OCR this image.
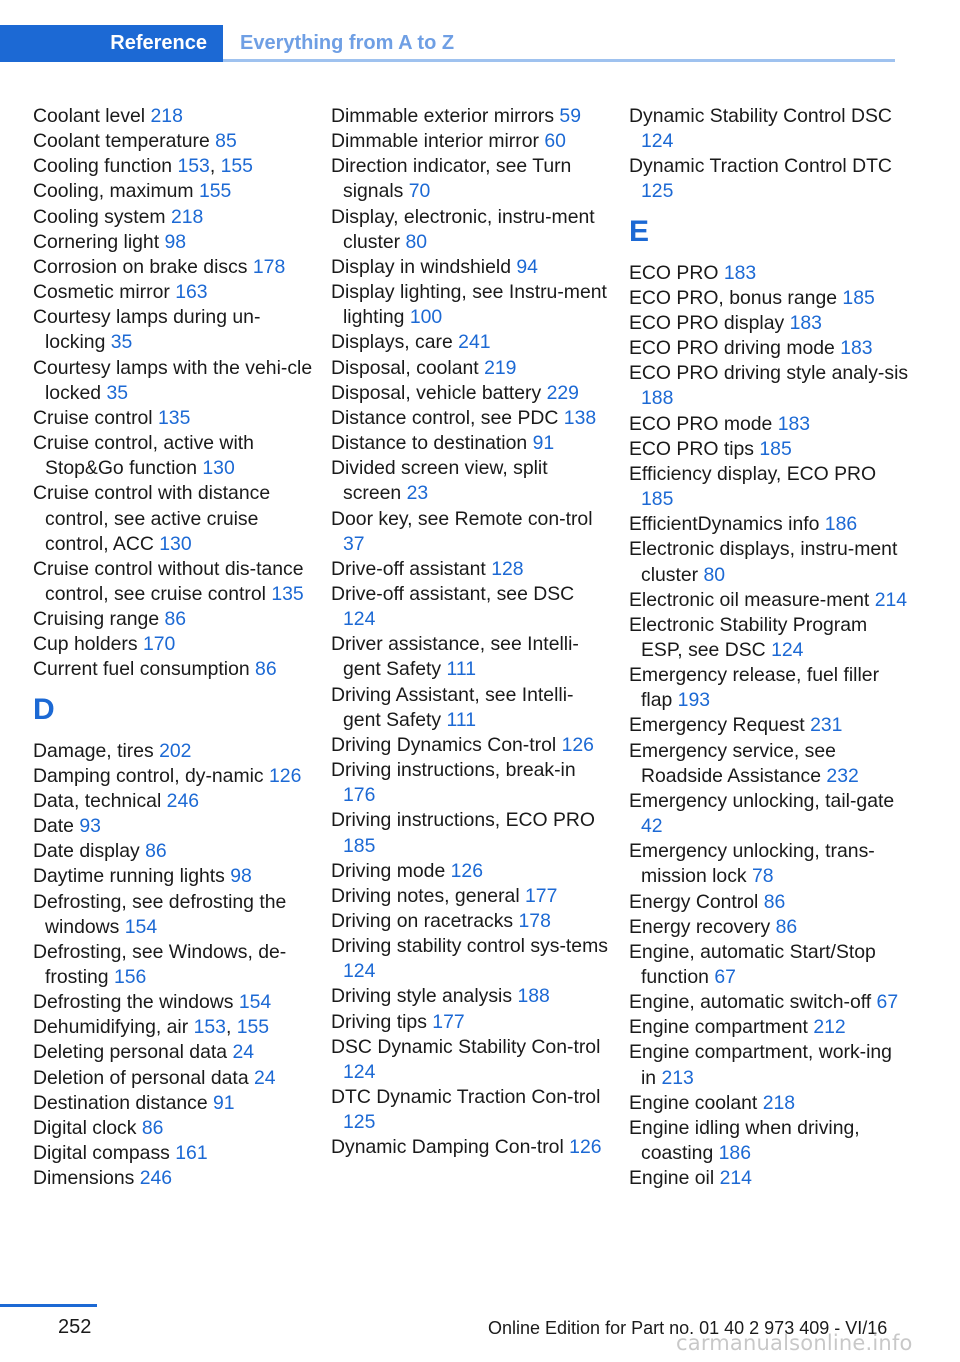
Reference Everything from A to Z
Coolant level 218
Coolant temperature 85
Cooling function 153, 155
Cooling, maximum 155
Cooling system 218
Cornering light 98
Corrosion on brake discs 178
Cosmetic mirror 163
Courtesy lamps during un‐locking 35
Courtesy lamps with the vehi‐cle locked 35
Cruise control 135
Cruise control, active with Stop&Go function 130
Cruise control with distance control, see active cruise control, ACC 130
Cruise control without dis‐tance control, see cruise control 135
Cruising range 86
Cup holders 170
Current fuel consumption 86
D
Damage, tires 202
Damping control, dy‐namic 126
Data, technical 246
Date 93
Date display 86
Daytime running lights 98
Defrosting, see defrosting the windows 154
Defrosting, see Windows, de‐frosting 156
Defrosting the windows 154
Dehumidifying, air 153, 155
Deleting personal data 24
Deletion of personal data 24
Destination distance 91
Digital clock 86
Digital compass 161
Dimensions 246
Dimmable exterior mirrors 59
Dimmable interior mirror 60
Direction indicator, see Turn signals 70
Display, electronic, instru‐ment cluster 80
Display in windshield 94
Display lighting, see Instru‐ment lighting 100
Displays, care 241
Disposal, coolant 219
Disposal, vehicle battery 229
Distance control, see PDC 138
Distance to destination 91
Divided screen view, split screen 23
Door key, see Remote con‐trol 37
Drive-off assistant 128
Drive-off assistant, see DSC 124
Driver assistance, see Intelli‐gent Safety 111
Driving Assistant, see Intelli‐gent Safety 111
Driving Dynamics Con‐trol 126
Driving instructions, break-in 176
Driving instructions, ECO PRO 185
Driving mode 126
Driving notes, general 177
Driving on racetracks 178
Driving stability control sys‐tems 124
Driving style analysis 188
Driving tips 177
DSC Dynamic Stability Con‐trol 124
DTC Dynamic Traction Con‐trol 125
Dynamic Damping Con‐trol 126
Dynamic Stability Control DSC 124
Dynamic Traction Control DTC 125
E
ECO PRO 183
ECO PRO, bonus range 185
ECO PRO display 183
ECO PRO driving mode 183
ECO PRO driving style analy‐sis 188
ECO PRO mode 183
ECO PRO tips 185
Efficiency display, ECO PRO 185
EfficientDynamics info 186
Electronic displays, instru‐ment cluster 80
Electronic oil measure‐ment 214
Electronic Stability Program ESP, see DSC 124
Emergency release, fuel filler flap 193
Emergency Request 231
Emergency service, see Roadside Assistance 232
Emergency unlocking, tail‐gate 42
Emergency unlocking, trans‐mission lock 78
Energy Control 86
Energy recovery 86
Engine, automatic Start/Stop function 67
Engine, automatic switch-off 67
Engine compartment 212
Engine compartment, work‐ing in 213
Engine coolant 218
Engine idling when driving, coasting 186
Engine oil 214
252	Online Edition for Part no. 01 40 2 973 409 - VI/16
carmanualsonline.info
